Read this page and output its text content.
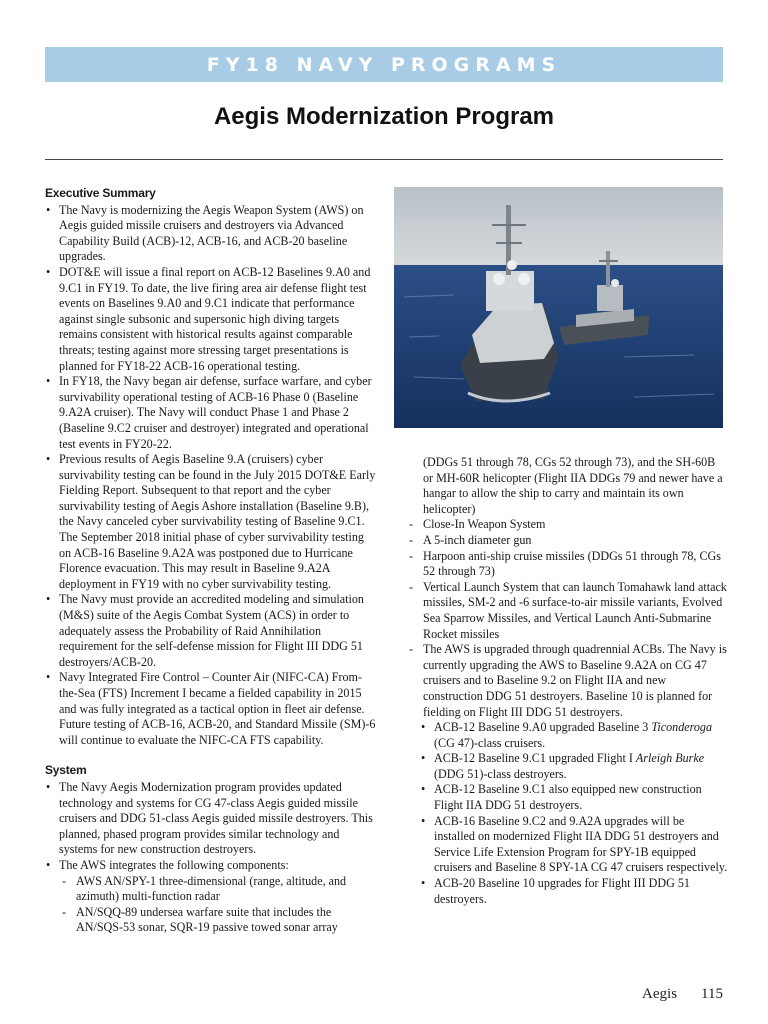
FY18 NAVY PROGRAMS
Aegis Modernization Program
Executive Summary
• The Navy is modernizing the Aegis Weapon System (AWS) on Aegis guided missile cruisers and destroyers via Advanced Capability Build (ACB)-12, ACB-16, and ACB-20 baseline upgrades.
• DOT&E will issue a final report on ACB-12 Baselines 9.A0 and 9.C1 in FY19. To date, the live firing area air defense flight test events on Baselines 9.A0 and 9.C1 indicate that performance against single subsonic and supersonic high diving targets remains consistent with historical results against comparable threats; testing against more stressing target presentations is planned for FY18-22 ACB-16 operational testing.
• In FY18, the Navy began air defense, surface warfare, and cyber survivability operational testing of ACB-16 Phase 0 (Baseline 9.A2A cruiser). The Navy will conduct Phase 1 and Phase 2 (Baseline 9.C2 cruiser and destroyer) integrated and operational test events in FY20-22.
• Previous results of Aegis Baseline 9.A (cruisers) cyber survivability testing can be found in the July 2015 DOT&E Early Fielding Report. Subsequent to that report and the cyber survivability testing of Aegis Ashore installation (Baseline 9.B), the Navy canceled cyber survivability testing of Baseline 9.C1. The September 2018 initial phase of cyber survivability testing on ACB-16 Baseline 9.A2A was postponed due to Hurricane Florence evacuation. This may result in Baseline 9.A2A deployment in FY19 with no cyber survivability testing.
• The Navy must provide an accredited modeling and simulation (M&S) suite of the Aegis Combat System (ACS) in order to adequately assess the Probability of Raid Annihilation requirement for the self-defense mission for Flight III DDG 51 destroyers/ACB-20.
• Navy Integrated Fire Control – Counter Air (NIFC-CA) From-the-Sea (FTS) Increment I became a fielded capability in 2015 and was fully integrated as a tactical option in fleet air defense. Future testing of ACB-16, ACB-20, and Standard Missile (SM)-6 will continue to evaluate the NIFC-CA FTS capability.
System
• The Navy Aegis Modernization program provides updated technology and systems for CG 47-class Aegis guided missile cruisers and DDG 51-class Aegis guided missile destroyers. This planned, phased program provides similar technology and systems for new construction destroyers.
• The AWS integrates the following components:
- AWS AN/SPY-1 three-dimensional (range, altitude, and azimuth) multi-function radar
- AN/SQQ-89 undersea warfare suite that includes the AN/SQS-53 sonar, SQR-19 passive towed sonar array
(DDGs 51 through 78, CGs 52 through 73), and the SH-60B or MH-60R helicopter (Flight IIA DDGs 79 and newer have a hangar to allow the ship to carry and maintain its own helicopter)
- Close-In Weapon System
- A 5-inch diameter gun
- Harpoon anti-ship cruise missiles (DDGs 51 through 78, CGs 52 through 73)
- Vertical Launch System that can launch Tomahawk land attack missiles, SM-2 and -6 surface-to-air missile variants, Evolved Sea Sparrow Missiles, and Vertical Launch Anti-Submarine Rocket missiles
- The AWS is upgraded through quadrennial ACBs. The Navy is currently upgrading the AWS to Baseline 9.A2A on CG 47 cruisers and to Baseline 9.2 on Flight IIA and new construction DDG 51 destroyers. Baseline 10 is planned for fielding on Flight III DDG 51 destroyers.
• ACB-12 Baseline 9.A0 upgraded Baseline 3 Ticonderoga (CG 47)-class cruisers.
• ACB-12 Baseline 9.C1 upgraded Flight I Arleigh Burke (DDG 51)-class destroyers.
• ACB-12 Baseline 9.C1 also equipped new construction Flight IIA DDG 51 destroyers.
• ACB-16 Baseline 9.C2 and 9.A2A upgrades will be installed on modernized Flight IIA DDG 51 destroyers and Service Life Extension Program for SPY-1B equipped cruisers and Baseline 8 SPY-1A CG 47 cruisers respectively.
• ACB-20 Baseline 10 upgrades for Flight III DDG 51 destroyers.
Aegis 115
